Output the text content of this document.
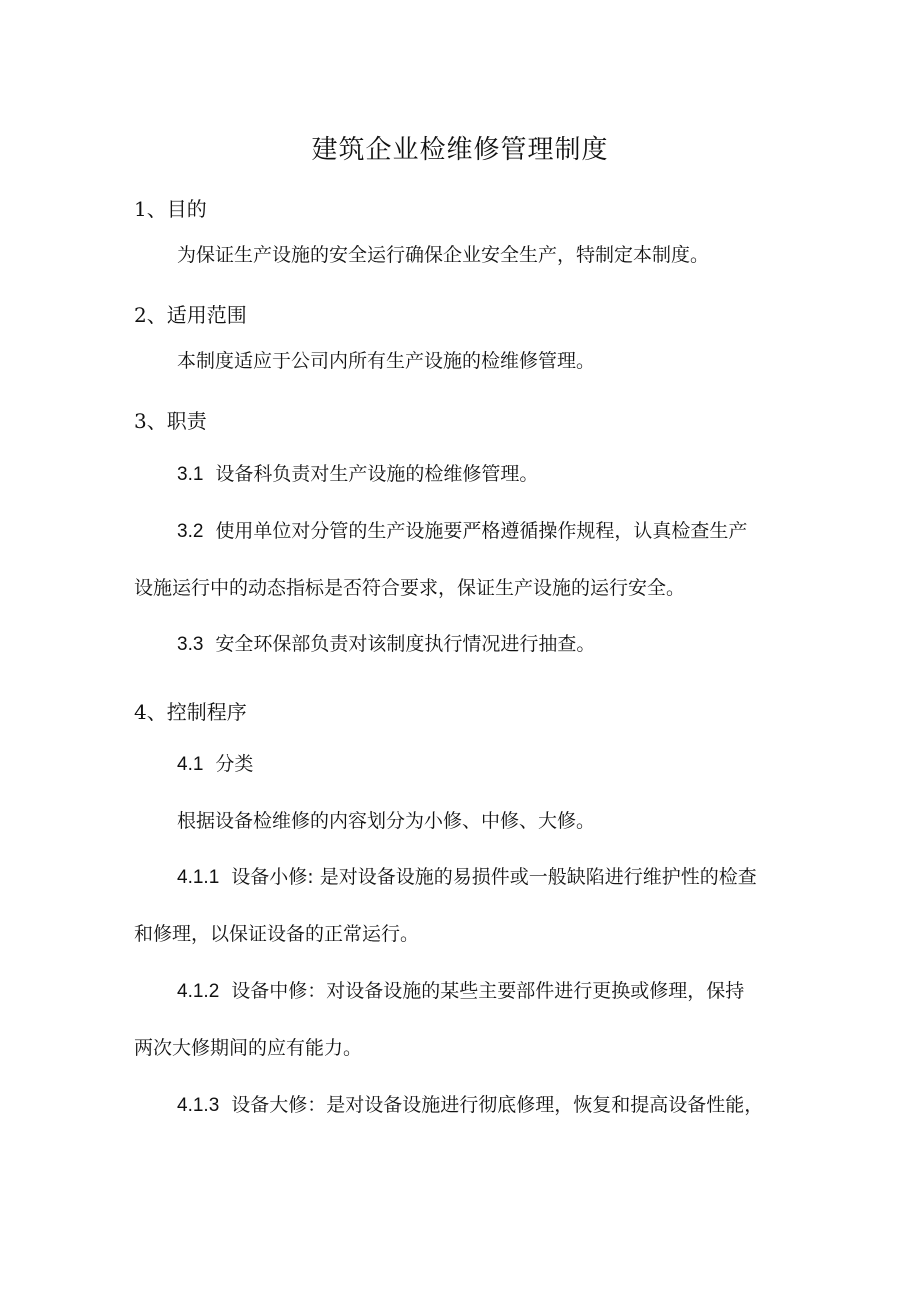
建筑企业检维修管理制度
1、目的
为保证生产设施的安全运行确保企业安全生产，特制定本制度。
2、适用范围
本制度适应于公司内所有生产设施的检维修管理。
3、职责
3.1 设备科负责对生产设施的检维修管理。
3.2 使用单位对分管的生产设施要严格遵循操作规程，认真检查生产
设施运行中的动态指标是否符合要求，保证生产设施的运行安全。
3.3 安全环保部负责对该制度执行情况进行抽查。
4、控制程序
4.1 分类
根据设备检维修的内容划分为小修、中修、大修。
4.1.1 设备小修: 是对设备设施的易损件或一般缺陷进行维护性的检查
和修理，以保证设备的正常运行。
4.1.2 设备中修：对设备设施的某些主要部件进行更换或修理，保持
两次大修期间的应有能力。
4.1.3 设备大修：是对设备设施进行彻底修理，恢复和提高设备性能，
